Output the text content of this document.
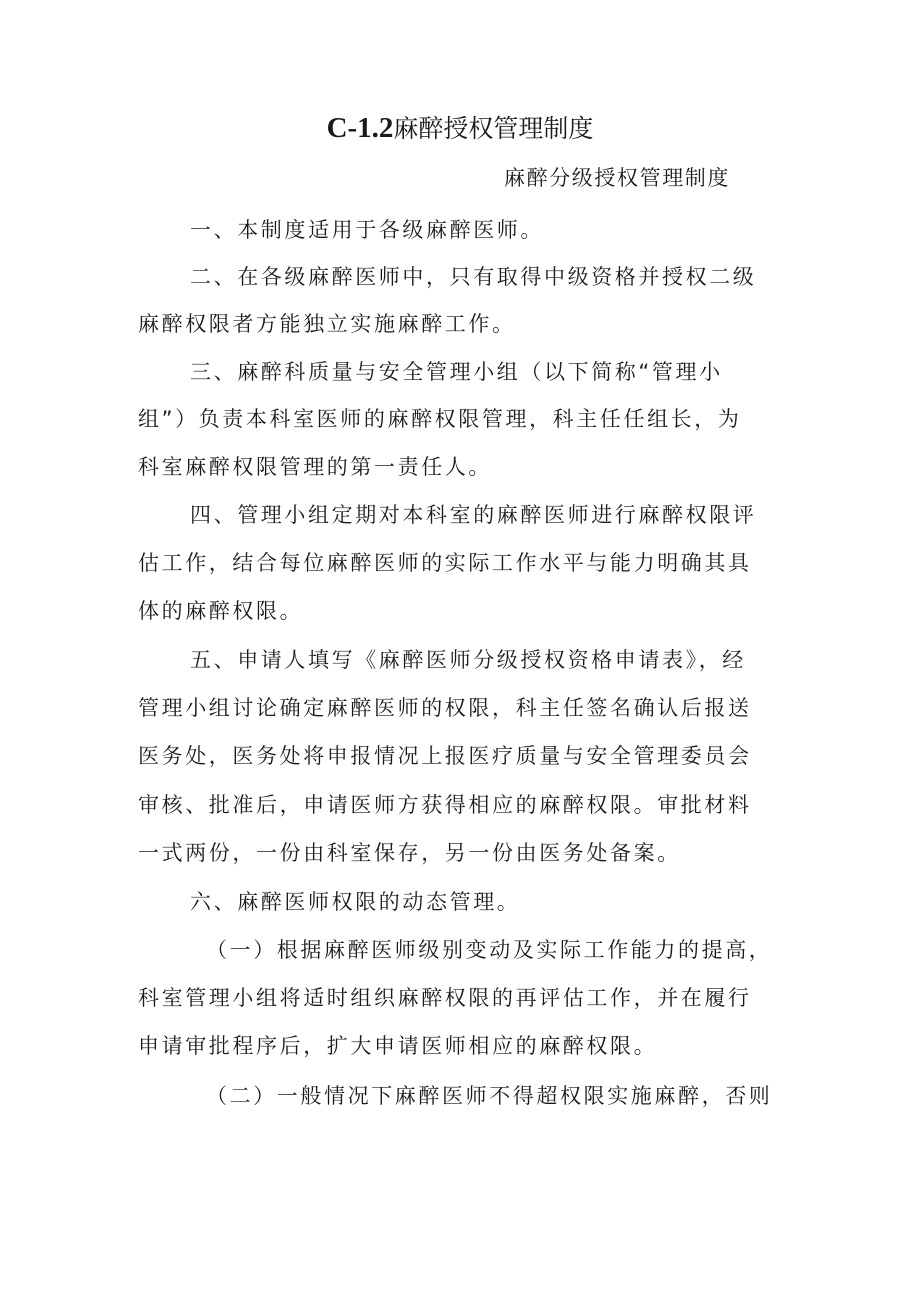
C-1.2麻醉授权管理制度
麻醉分级授权管理制度
一、本制度适用于各级麻醉医师。
二、在各级麻醉医师中，只有取得中级资格并授权二级
麻醉权限者方能独立实施麻醉工作。
三、麻醉科质量与安全管理小组（以下简称“管理小
组”）负责本科室医师的麻醉权限管理，科主任任组长，为
科室麻醉权限管理的第一责任人。
四、管理小组定期对本科室的麻醉医师进行麻醉权限评
估工作，结合每位麻醉医师的实际工作水平与能力明确其具
体的麻醉权限。
五、申请人填写《麻醉医师分级授权资格申请表》，经
管理小组讨论确定麻醉医师的权限，科主任签名确认后报送
医务处，医务处将申报情况上报医疗质量与安全管理委员会
审核、批准后，申请医师方获得相应的麻醉权限。审批材料
一式两份，一份由科室保存，另一份由医务处备案。
六、麻醉医师权限的动态管理。
（一）根据麻醉医师级别变动及实际工作能力的提高，
科室管理小组将适时组织麻醉权限的再评估工作，并在履行
申请审批程序后，扩大申请医师相应的麻醉权限。
（二）一般情况下麻醉医师不得超权限实施麻醉，否则
